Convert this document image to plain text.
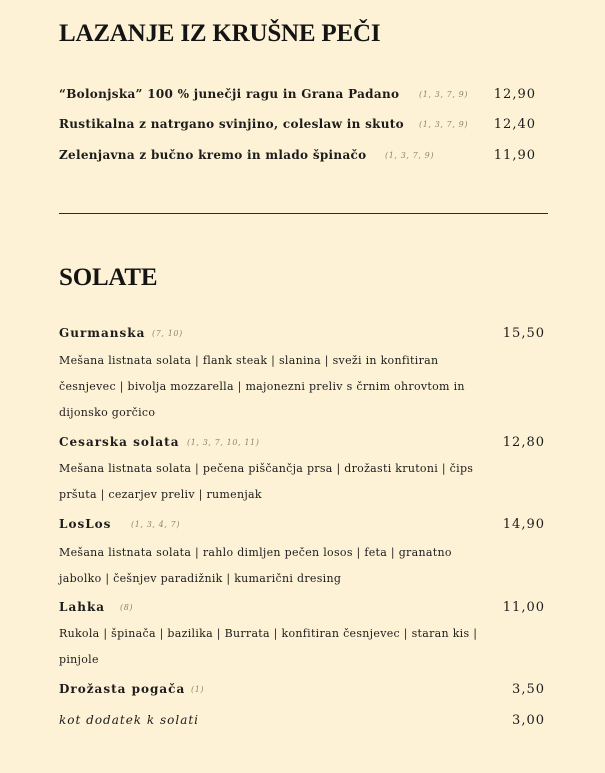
LAZANJE IZ KRUŠNE PEČI
“Bolonjska” 100 % junečji ragu in Grana Padano (1, 3, 7, 9) 12,90
Rustikalna z natrgano svinjino, coleslaw in skuto (1, 3, 7, 9) 12,40
Zelenjavna z bučno kremo in mlado špinačo (1, 3, 7, 9)	11,90
SOLATE
Gurmanska (7, 10)	15,50
Mešana listnata solata | flank steak | slanina | sveži in konfitiran česnjevec | bivolja mozzarella | majonezni preliv s črnim ohrovtom in dijonsko gorčico
Cesarska solata (1, 3, 7, 10, 11)	12,80
Mešana listnata solata | pečena piščančja prsa | drožasti krutoni | čips pršuta | cezarjev preliv | rumenjak
LosLos (1, 3, 4, 7)	14,90
Mešana listnata solata | rahlo dimljen pečen losos | feta | granatno jabolko | češnjev paradižnik | kumarični dresing
Lahka (8)	11,00
Rukola | špinača | bazilika | Burrata | konfitiran česnjevec | staran kis | pinjole
Drožasta pogača (1)	3,50
kot dodatek k solati	3,00
